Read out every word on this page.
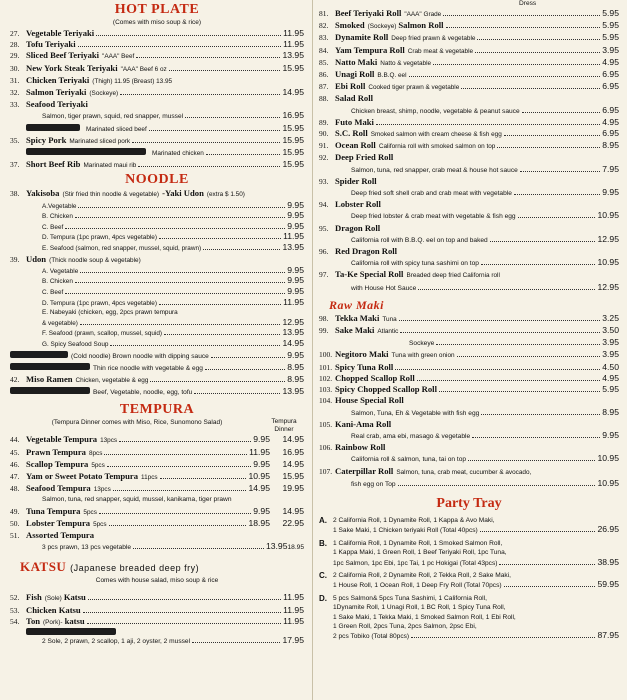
HOT PLATE
(Comes with miso soup & rice)
27. Vegetable Teriyaki	11.95
28. Tofu Teriyaki	11.95
29. Sliced Beef Teriyaki "AAA" Beef	13.95
30. New York Steak Teriyaki "AAA" Beef 6 oz	15.95
31. Chicken Teriyaki (Thigh) 11.95 (Breast) 13.95
32. Salmon Teriyaki (Sockeye)	14.95
33. Seafood Teriyaki
Salmon, tiger prawn, squid, red snapper, mussel	16.95
Marinated sliced beef	15.95
35. Spicy Pork Marinated sliced pork	15.95
Marinated chicken	15.95
37. Short Beef Rib Marinated maui rib	15.95
NOODLE
38. Yakisoba (Stir fried thin noodle & vegetable) - Yaki Udon (extra $ 1.50)
A.Vegetable	9.95
B. Chicken	9.95
C. Beef	9.95
D. Tempura (1pc prawn, 4pcs vegetable)	11.95
E. Seafood (salmon, red snapper, mussel, squid, prawn)	13.95
39. Udon (Thick noodle soup & vegetable)
A. Vegetable	9.95
B. Chicken	9.95
C. Beef	9.95
D. Tempura (1pc prawn, 4pcs vegetable)	11.95
E. Nabeyaki (chicken, egg, 2pcs prawn tempura
& vegetable)	12.95
F. Seafood (prawn, scallop, mussel, squid)	13.95
G. Spicy Seafood Soup	14.95
(Cold noodle) Brown noodle with dipping sauce	9.95
Thin rice noodle with vegetable & egg	8.95
42. Miso Ramen Chicken, vegetable & egg	8.95
Beef, Vegetable, noodle, egg, tofu	13.95
TEMPURA
(Tempura Dinner comes with Miso, Rice, Sunomono Salad)	Tempura Dinner
44. Vegetable Tempura 13pcs	9.95	14.95
45. Prawn Tempura 8pcs	11.95	16.95
46. Scallop Tempura 5pcs	9.95	14.95
47. Yam or Sweet Potato Tempura 11pcs	10.95	15.95
48. Seafood Tempura 13pcs	14.95	19.95
Salmon, tuna, red snapper, squid, mussel, kanikama, tiger prawn
49. Tuna Tempura 5pcs	9.95	14.95
50. Lobster Tempura 5pcs	18.95	22.95
51. Assorted Tempura
3 pcs prawn, 13 pcs vegetable	13.95 18.95
KATSU (Japanese breaded deep fry)
Comes with house salad, miso soup & rice
52. Fish (Sole) Katsu	11.95
53. Chicken Katsu	11.95
54. Ton (Pork)- katsu	11.95
2 Sole, 2 prawn, 2 scallop, 1 aji, 2 oyster, 2 mussel	17.95
Dress
81. Beef Teriyaki Roll "AAA" Grade	5.95
82. Smoked (Sockeye) Salmon Roll	5.95
83. Dynamite Roll Deep fried prawn & vegetable	5.95
84. Yam Tempura Roll Crab meat & vegetable	3.95
85. Natto Maki Natto & vegetable	4.95
86. Unagi Roll B.B.Q. eel	6.95
87. Ebi Roll Cooked tiger prawn & vegetable	6.95
88. Salad Roll
Chicken breast, shimp, noodle, vegetable & peanut sauce	6.95
89. Futo Maki	4.95
90. S.C. Roll Smoked salmon with cream cheese & fish egg	6.95
91. Ocean Roll California roll with smoked salmon on top	8.95
92. Deep Fried Roll
Salmon, tuna, red snapper, crab meat & house hot sauce	7.95
93. Spider Roll
Deep fried soft shell crab and crab meat with vegetable	9.95
94. Lobster Roll
Deep fried lobster & crab meat with vegetable & fish egg	10.95
95. Dragon Roll
California roll with B.B.Q. eel on top and baked	12.95
96. Red Dragon Roll
California roll with spicy tuna sashimi on top	10.95
97. Ta-Ke Special Roll Breaded deep fried California roll
with House Hot Sauce	12.95
Raw Maki
98. Tekka Maki Tuna	3.25
99. Sake Maki Atlantic	3.50
Sockeye	3.95
100. Negitoro Maki Tuna with green onion	3.95
101. Spicy Tuna Roll	4.50
102. Chopped Scallop Roll	4.95
103. Spicy Chopped Scallop Roll	5.95
104. House Special Roll
Salmon, Tuna, Eh & Vegetable with fish egg	8.95
105. Kani-Ama Roll
Real crab, ama ebi, masago & vegetable	9.95
106. Rainbow Roll
California roll & salmon, tuna, tai on top	10.95
107. Caterpillar Roll Salmon, tuna, crab meat, cucumber & avocado,
fish egg on Top	10.95
Party Tray
A. 2 California Roll, 1 Dynamite Roll, 1 Kappa & Avo Maki,
1 Sake Maki, 1 Chicken teriyaki Roll (Total 40pcs)	26.95
B. 1 California Roll, 1 Dynamite Roll, 1 Smoked Salmon Roll,
1 Kappa Maki, 1 Green Roll, 1 Beef Teriyaki Roll, 1pc Tuna,
1pc Salmon, 1pc Ebi, 1pc Tai, 1 pc Hokigai (Total 43pcs)	38.95
C. 2 California Roll, 2 Dynamite Roll, 2 Tekka Roll, 2 Sake Maki,
1 House Roll, 1 Ocean Roll, 1 Deep Fry Roll (Total 70pcs)	59.95
D. 5 pcs Salmon& 5pcs Tuna Sashimi, 1 California Roll,
1Dynamite Roll, 1 Unagi Roll, 1 BC Roll, 1 Spicy Tuna Roll,
1 Sake Maki, 1 Tekka Maki, 1 Smoked Salmon Roll, 1 Ebi Roll,
1 Green Roll, 2pcs Tuna, 2pcs Salmon, 2psc Ebi,
2 pcs Tobiko (Total 80pcs)	87.95
